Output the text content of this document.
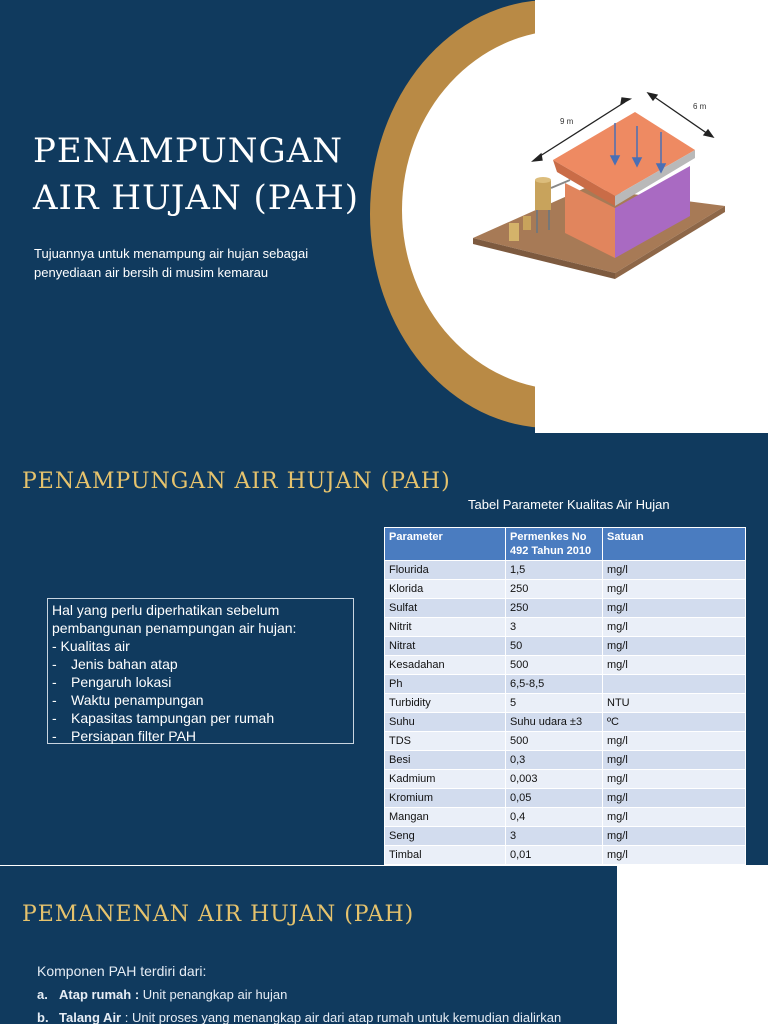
PENAMPUNGAN
AIR HUJAN (PAH)
Tujuannya untuk menampung air hujan sebagai
penyediaan air bersih di musim kemarau
9 m
6 m
PENAMPUNGAN AIR HUJAN (PAH)
Tabel Parameter Kualitas Air Hujan
Hal yang perlu diperhatikan sebelum
pembangunan penampungan air hujan:
- Kualitas air
- Jenis bahan atap
- Pengaruh lokasi
- Waktu penampungan
- Kapasitas tampungan per rumah
- Persiapan filter PAH
Parameter	Permenkes No 492 Tahun 2010	Satuan
Flourida	1,5	mg/l
Klorida	250	mg/l
Sulfat	250	mg/l
Nitrit	3	mg/l
Nitrat	50	mg/l
Kesadahan	500	mg/l
Ph	6,5-8,5	
Turbidity	5	NTU
Suhu	Suhu udara ±3	ºC
TDS	500	mg/l
Besi	0,3	mg/l
Kadmium	0,003	mg/l
Kromium	0,05	mg/l
Mangan	0,4	mg/l
Seng	3	mg/l
Timbal	0,01	mg/l
PEMANENAN AIR HUJAN (PAH)
Komponen PAH terdiri dari:
a. Atap rumah : Unit penangkap air hujan
b. Talang Air : Unit proses yang menangkap air dari atap rumah untuk kemudian dialirkan
